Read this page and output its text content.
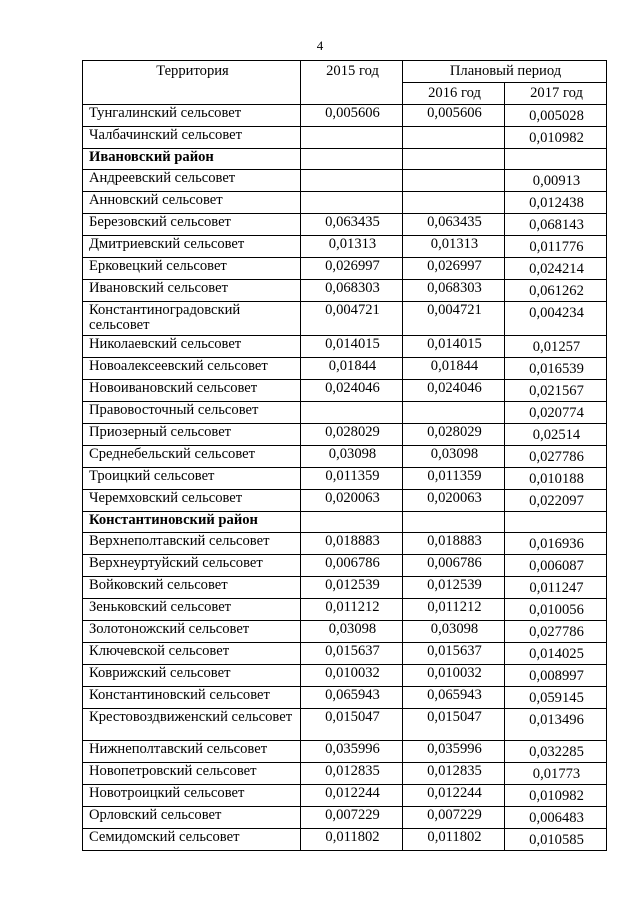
4
Территория	2015 год	Плановый период	
		2016 год	2017 год
Тунгалинский сельсовет	0,005606	0,005606	0,005028
Чалбачинский сельсовет			0,010982
Ивановский район			
Андреевский сельсовет			0,00913
Анновский сельсовет			0,012438
Березовский сельсовет	0,063435	0,063435	0,068143
Дмитриевский сельсовет	0,01313	0,01313	0,011776
Ерковецкий сельсовет	0,026997	0,026997	0,024214
Ивановский сельсовет	0,068303	0,068303	0,061262
Константиноградовский сельсовет	0,004721	0,004721	0,004234
Николаевский сельсовет	0,014015	0,014015	0,01257
Новоалексеевский сельсовет	0,01844	0,01844	0,016539
Новоивановский сельсовет	0,024046	0,024046	0,021567
Правовосточный сельсовет			0,020774
Приозерный сельсовет	0,028029	0,028029	0,02514
Среднебельский сельсовет	0,03098	0,03098	0,027786
Троицкий сельсовет	0,011359	0,011359	0,010188
Черемховский сельсовет	0,020063	0,020063	0,022097
Константиновский район			
Верхнеполтавский сельсовет	0,018883	0,018883	0,016936
Верхнеуртуйский сельсовет	0,006786	0,006786	0,006087
Войковский сельсовет	0,012539	0,012539	0,011247
Зеньковский сельсовет	0,011212	0,011212	0,010056
Золотоножский сельсовет	0,03098	0,03098	0,027786
Ключевской сельсовет	0,015637	0,015637	0,014025
Коврижский сельсовет	0,010032	0,010032	0,008997
Константиновский сельсовет	0,065943	0,065943	0,059145
Крестовоздвиженский сельсовет	0,015047	0,015047	0,013496
Нижнеполтавский сельсовет	0,035996	0,035996	0,032285
Новопетровский сельсовет	0,012835	0,012835	0,01773
Новотроицкий сельсовет	0,012244	0,012244	0,010982
Орловский сельсовет	0,007229	0,007229	0,006483
Семидомский сельсовет	0,011802	0,011802	0,010585
